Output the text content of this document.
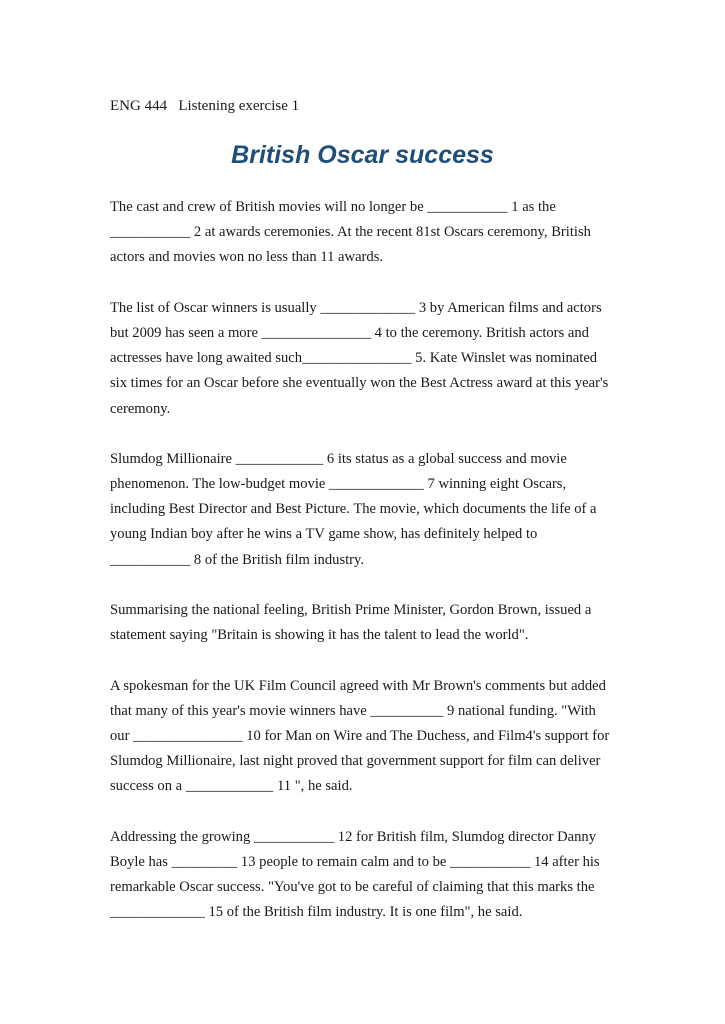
ENG 444   Listening exercise 1

British Oscar success
The cast and crew of British movies will no longer be ___________ 1 as the
___________ 2 at awards ceremonies. At the recent 81st Oscars ceremony, British
actors and movies won no less than 11 awards.
The list of Oscar winners is usually _____________ 3 by American films and actors
but 2009 has seen a more _______________ 4 to the ceremony. British actors and
actresses have long awaited such_______________ 5. Kate Winslet was nominated
six times for an Oscar before she eventually won the Best Actress award at this year's
ceremony.
Slumdog Millionaire ____________ 6 its status as a global success and movie
phenomenon. The low-budget movie _____________ 7 winning eight Oscars,
including Best Director and Best Picture. The movie, which documents the life of a
young Indian boy after he wins a TV game show, has definitely helped to
___________ 8 of the British film industry.
Summarising the national feeling, British Prime Minister, Gordon Brown, issued a
statement saying "Britain is showing it has the talent to lead the world".
A spokesman for the UK Film Council agreed with Mr Brown's comments but added
that many of this year's movie winners have __________ 9 national funding. "With
our _______________ 10 for Man on Wire and The Duchess, and Film4's support for
Slumdog Millionaire, last night proved that government support for film can deliver
success on a ____________ 11 ", he said.
Addressing the growing ___________ 12 for British film, Slumdog director Danny
Boyle has _________ 13 people to remain calm and to be ___________ 14 after his
remarkable Oscar success. "You've got to be careful of claiming that this marks the
_____________ 15 of the British film industry. It is one film", he said.
